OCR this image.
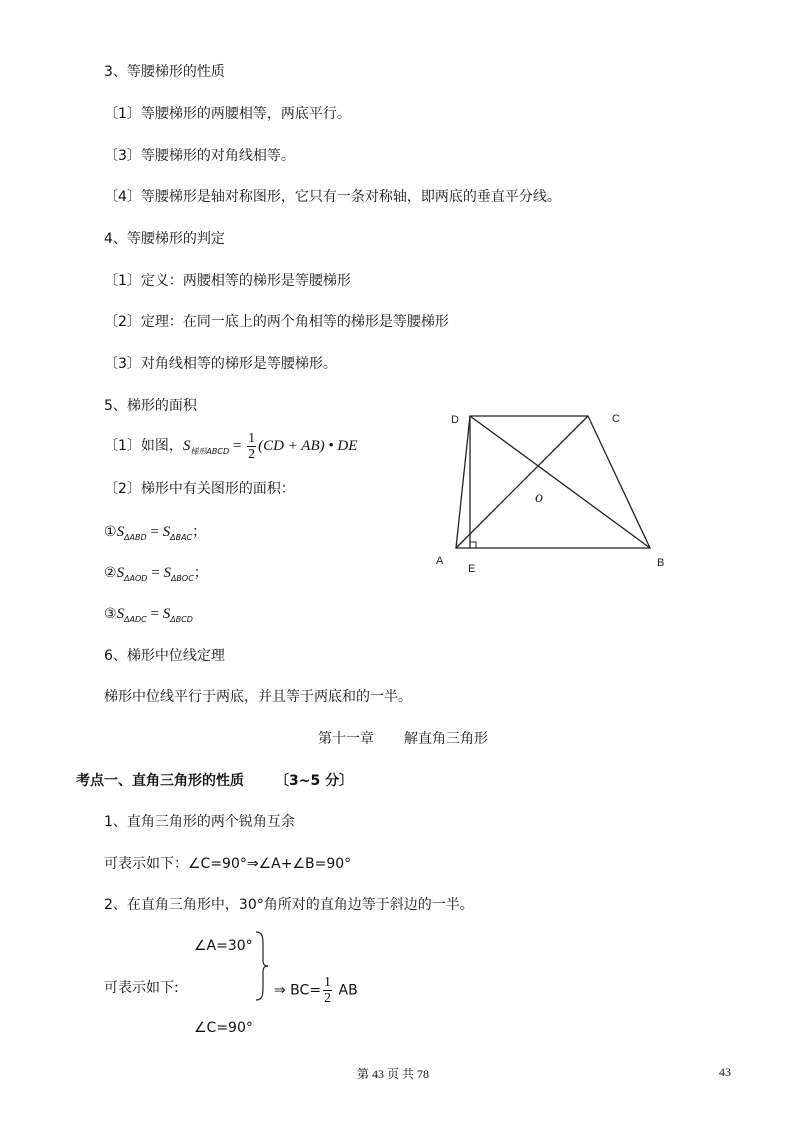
3、等腰梯形的性质
〔1〕等腰梯形的两腰相等，两底平行。
〔3〕等腰梯形的对角线相等。
〔4〕等腰梯形是轴对称图形，它只有一条对称轴，即两底的垂直平分线。
4、等腰梯形的判定
〔1〕定义：两腰相等的梯形是等腰梯形
〔2〕定理：在同一底上的两个角相等的梯形是等腰梯形
〔3〕对角线相等的梯形是等腰梯形。
5、梯形的面积
〔1〕如图，$S_{梯形ABCD} = \frac{1}{2} (CD + AB)$ • DE
〔2〕梯形中有关图形的面积：
$①S_{\Delta ABD} = S_{\Delta BAC}$；
$②S_{\Delta AOD} = S_{\Delta BOC}$；
$③S_{\Delta ADC} = S_{\Delta BCD}$
D	C
A	B
E
o
6、梯形中位线定理
梯形中位线平行于两底，并且等于两底和的一半。
第十一章 解直角三角形
考点一、直角三角形的性质 〔3~5 分〕
1、直角三角形的两个锐角互余
可表示如下：∠C=90°⇒∠A+∠B=90°
2、在直角三角形中，30°角所对的直角边等于斜边的一半。
∠A=30°
可表示如下:
∠C=90°
⇒ $BC= \frac{1}{2}$ AB
第 43 页 共 78	43
